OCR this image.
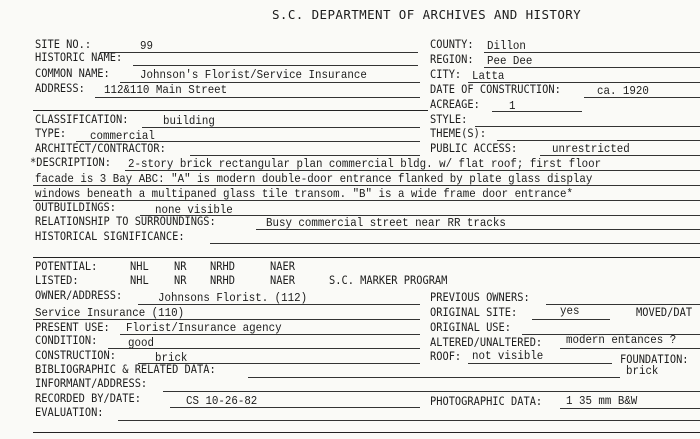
S.C. DEPARTMENT OF ARCHIVES AND HISTORY
SITE NO.:	99
HISTORIC NAME:
COMMON NAME:	Johnson's Florist/Service Insurance
ADDRESS: 112&110 Main Street
COUNTY: Dillon
REGION: Pee Dee
CITY: Latta
DATE OF CONSTRUCTION:	ca. 1920
ACREAGE: 1
CLASSIFICATION:	building
TYPE: commercial
ARCHITECT/CONTRACTOR:
STYLE:
THEME(S):
PUBLIC ACCESS:	unrestricted
*DESCRIPTION: 2-story brick rectangular plan commercial bldg. w/ flat roof; first floor
facade is 3 Bay ABC: "A" is modern double-door entrance flanked by plate glass display
windows beneath a multipaned glass tile transom. "B" is a wide frame door entrance*
OUTBUILDINGS:	none visible
RELATIONSHIP TO SURROUNDINGS:	Busy commercial street near RR tracks
HISTORICAL SIGNIFICANCE:
POTENTIAL:	NHL NR NRHD	NAER
LISTED:	NHL NR NRHD	NAER	S.C. MARKER PROGRAM
OWNER/ADDRESS:	Johnsons Florist. (112)
Service Insurance (110)
PREVIOUS OWNERS:
ORIGINAL SITE:	yes	MOVED/DAT
PRESENT USE: Florist/Insurance agency	ORIGINAL USE:
CONDITION:	good	ALTERED/UNALTERED: modern entances ?
CONSTRUCTION:	brick	ROOF: not visible	FOUNDATION:
brick
BIBLIOGRAPHIC & RELATED DATA:
INFORMANT/ADDRESS:
RECORDED BY/DATE:	CS 10-26-82	PHOTOGRAPHIC DATA: 1 35 mm B&W
EVALUATION:
